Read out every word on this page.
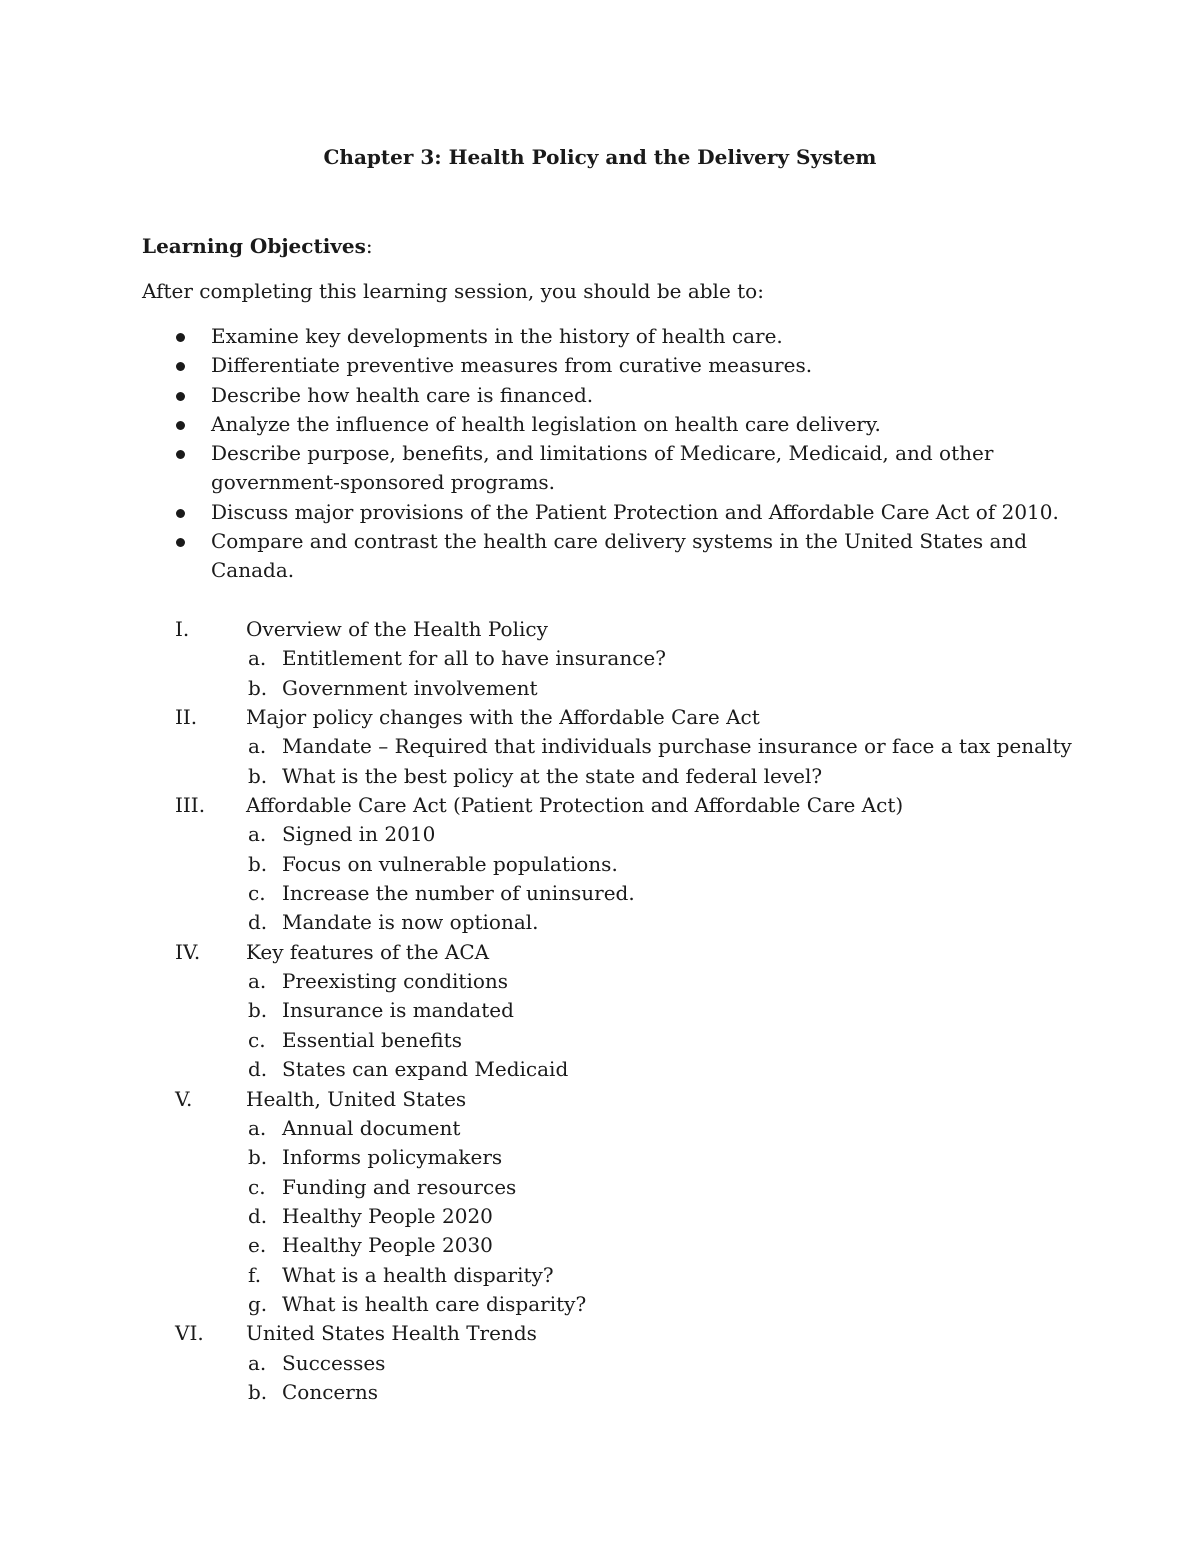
Chapter 3: Health Policy and the Delivery System
Learning Objectives:
After completing this learning session, you should be able to:
Examine key developments in the history of health care.
Differentiate preventive measures from curative measures.
Describe how health care is financed.
Analyze the influence of health legislation on health care delivery.
Describe purpose, benefits, and limitations of Medicare, Medicaid, and other government-sponsored programs.
Discuss major provisions of the Patient Protection and Affordable Care Act of 2010.
Compare and contrast the health care delivery systems in the United States and Canada.
I.	Overview of the Health Policy
a. Entitlement for all to have insurance?
b. Government involvement
II. Major policy changes with the Affordable Care Act
a. Mandate – Required that individuals purchase insurance or face a tax penalty
b. What is the best policy at the state and federal level?
III. Affordable Care Act (Patient Protection and Affordable Care Act)
a. Signed in 2010
b. Focus on vulnerable populations.
c. Increase the number of uninsured.
d. Mandate is now optional.
IV. Key features of the ACA
a. Preexisting conditions
b. Insurance is mandated
c. Essential benefits
d. States can expand Medicaid
V.	Health, United States
a. Annual document
b. Informs policymakers
c. Funding and resources
d. Healthy People 2020
e. Healthy People 2030
f. What is a health disparity?
g. What is health care disparity?
VI. United States Health Trends
a. Successes
b. Concerns
